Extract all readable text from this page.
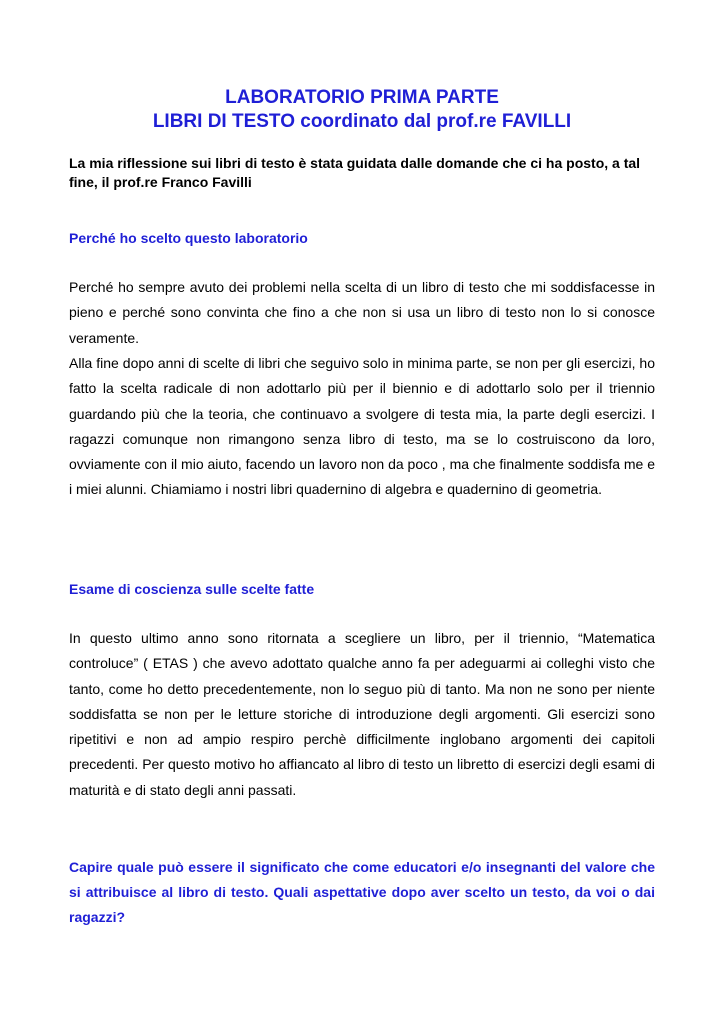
LABORATORIO PRIMA PARTE
LIBRI DI TESTO coordinato dal prof.re FAVILLI

La mia riflessione sui libri di testo è stata guidata dalle domande che ci ha posto, a tal fine, il prof.re Franco Favilli

Perché ho scelto questo laboratorio

Perché ho sempre avuto dei problemi nella scelta di un libro di testo che mi soddisfacesse in pieno e perché sono convinta che fino a che non si usa un libro di testo non lo si conosce veramente.

Alla fine dopo anni di scelte di libri che seguivo solo in minima parte, se non per gli esercizi, ho fatto la scelta radicale di non adottarlo più per il biennio e di adottarlo solo per il triennio guardando più che la teoria, che continuavo a svolgere di testa mia, la parte degli esercizi. I ragazzi comunque non rimangono senza libro di testo, ma se lo costruiscono da loro, ovviamente con il mio aiuto, facendo un lavoro non da poco , ma che finalmente soddisfa me e i miei alunni. Chiamiamo i nostri libri quadernino di algebra e quadernino di geometria.

Esame di coscienza sulle scelte fatte

In questo ultimo anno sono ritornata a scegliere un libro, per il triennio, “Matematica controluce” ( ETAS ) che avevo adottato qualche anno fa per adeguarmi ai colleghi visto che tanto, come ho detto precedentemente, non lo seguo più di tanto. Ma non ne sono per niente soddisfatta se non per le letture storiche di introduzione degli argomenti. Gli esercizi sono ripetitivi e non ad ampio respiro perchè difficilmente inglobano argomenti dei capitoli precedenti. Per questo motivo ho affiancato al libro di testo un libretto di esercizi degli esami di maturità e di stato degli anni passati.

Capire quale può essere il significato che come educatori e/o insegnanti del valore che si attribuisce al libro di testo. Quali aspettative dopo aver scelto un testo, da voi o dai ragazzi?
